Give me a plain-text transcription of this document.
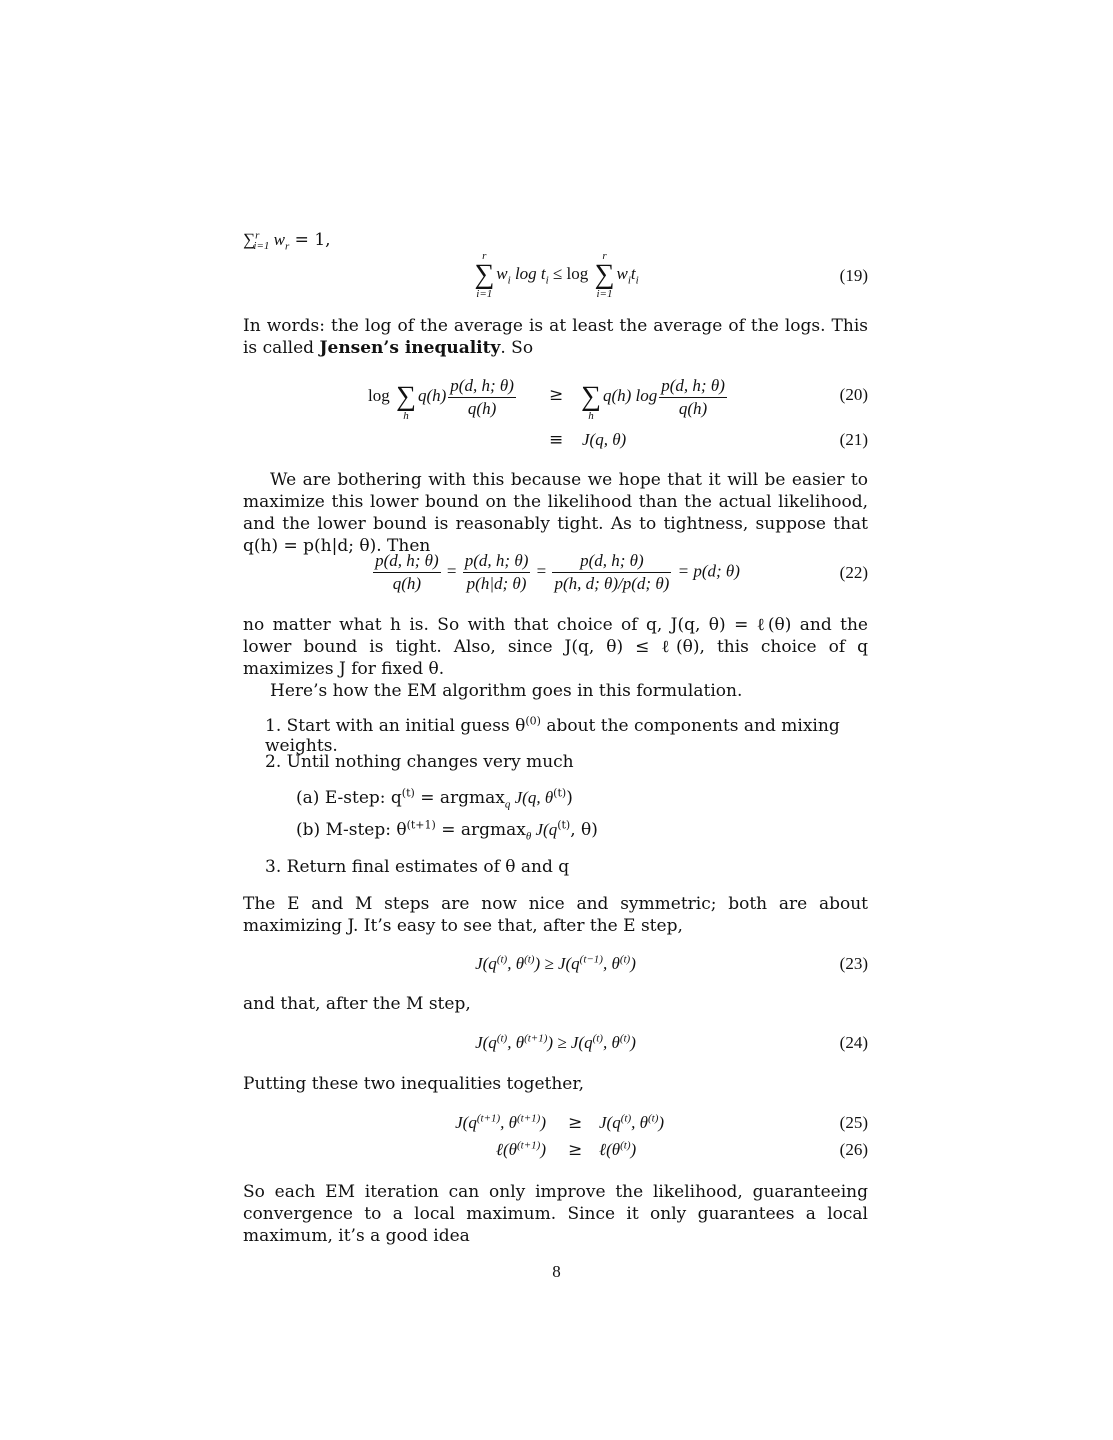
∑$^r_{i=1}$ $w_r = 1$,
r
∑
i=1
$w_i$ $\log t_i \le \log$
r
∑
i=1
$w_it_i$	(19)

In words: the log of the average is at least the average of the logs. This is called Jensen’s inequality. So

log
∑
h
$q(h) \frac{p(d, h; \theta)}{q(h)}$ ≥
∑
h
q(h) $\log \frac{p(d, h; \theta)}{q(h)}$	(20)
≡ J(q, θ)	(21)

We are bothering with this because we hope that it will be easier to maximize this lower bound on the likelihood than the actual likelihood, and the lower bound is reasonably tight. As to tightness, suppose that q(h) = p(h|d; θ). Then

$\frac{p(d, h; \theta)}{q(h)} = \frac{p(d, h; \theta)}{p(h|d; \theta)} = \frac{p(d, h; \theta)}{p(h, d; \theta)/p(d; \theta)} = p(d$; θ)	(22)

no matter what h is. So with that choice of q, J(q, θ) = ℓ(θ) and the lower bound is tight. Also, since J(q, θ) ≤ ℓ(θ), this choice of q maximizes J for fixed θ.

Here’s how the EM algorithm goes in this formulation.

1. Start with an initial guess $\theta^{(0)}$ about the components and mixing weights.
2. Until nothing changes very much
(a) E-step: $q^{(t)} = argmax_q$ J(q, $\theta^{(t)}$)
(b) M-step: $\theta^{(t+1)} = argmax_\theta$ $J(q^{(t)}$, θ)
3. Return final estimates of θ and q

The E and M steps are now nice and symmetric; both are about maximizing J. It’s easy to see that, after the E step,

$J(q^{(t)}$, $\theta^{(t)}) \ge J(q^{(t-1)}$, $\theta^{(t)}$)	(23)

and that, after the M step,

$J(q^{(t)}$, $\theta^{(t+1)}) \ge J(q^{(t)}$, $\theta^{(t)}$)	(24)

Putting these two inequalities together,

$J(q^{(t+1)}$, $\theta^{(t+1)}) \ge J(q^{(t)}$, $\theta^{(t)}$)	(25)
$\ell(\theta^{(t+1)})$ ≥ $\ell(\theta^{(t)})$	(26)

So each EM iteration can only improve the likelihood, guaranteeing convergence to a local maximum. Since it only guarantees a local maximum, it’s a good idea

8
